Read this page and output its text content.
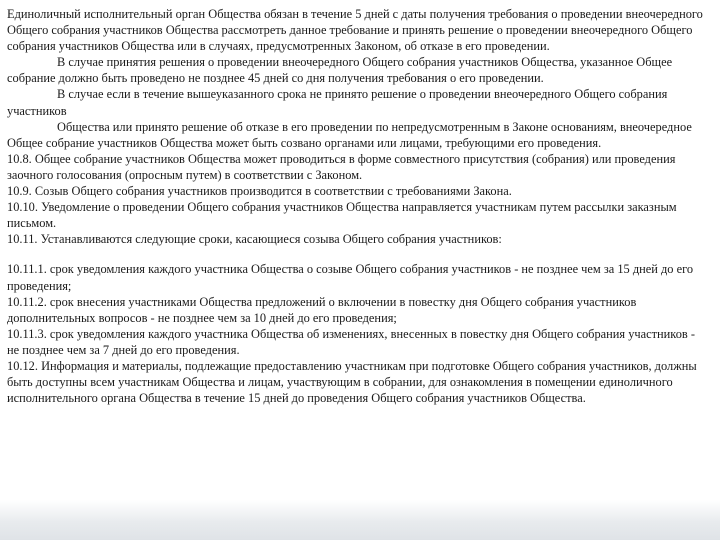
Единоличный исполнительный орган Общества обязан в течение 5 дней с даты получения требования о проведении внеочередного Общего собрания участников Общества рассмотреть данное требование и принять решение о проведении внеочередного Общего собрания участников Общества или в случаях, предусмотренных Законом, об отказе в его проведении.

В случае принятия решения о проведении внеочередного Общего собрания участников Общества, указанное Общее собрание должно быть проведено не позднее 45 дней со дня получения требования о его проведении.

В случае если в течение вышеуказанного срока не принято решение о проведении внеочередного Общего собрания участников

Общества или принято решение об отказе в его проведении по непредусмотренным в Законе основаниям, внеочередное Общее собрание участников Общества может быть созвано органами или лицами, требующими его проведения.

10.8. Общее собрание участников Общества может проводиться в форме совместного присутствия (собрания) или проведения заочного голосования (опросным путем) в соответствии с Законом.

10.9. Созыв Общего собрания участников производится в соответствии с требованиями Закона.

10.10. Уведомление о проведении Общего собрания участников Общества направляется участникам путем рассылки заказным письмом.

10.11. Устанавливаются следующие сроки, касающиеся созыва Общего собрания участников:

10.11.1. срок уведомления каждого участника Общества о созыве Общего собрания участников - не позднее чем за 15 дней до его проведения;

10.11.2. срок внесения участниками Общества предложений о включении в повестку дня Общего собрания участников дополнительных вопросов - не позднее чем за 10 дней до его проведения;

10.11.3. срок уведомления каждого участника Общества об изменениях, внесенных в повестку дня Общего собрания участников - не позднее чем за 7 дней до его проведения.

10.12. Информация и материалы, подлежащие предоставлению участникам при подготовке Общего собрания участников, должны быть доступны всем участникам Общества и лицам, участвующим в собрании, для ознакомления в помещении единоличного исполнительного органа Общества в течение 15 дней до проведения Общего собрания участников Общества.
